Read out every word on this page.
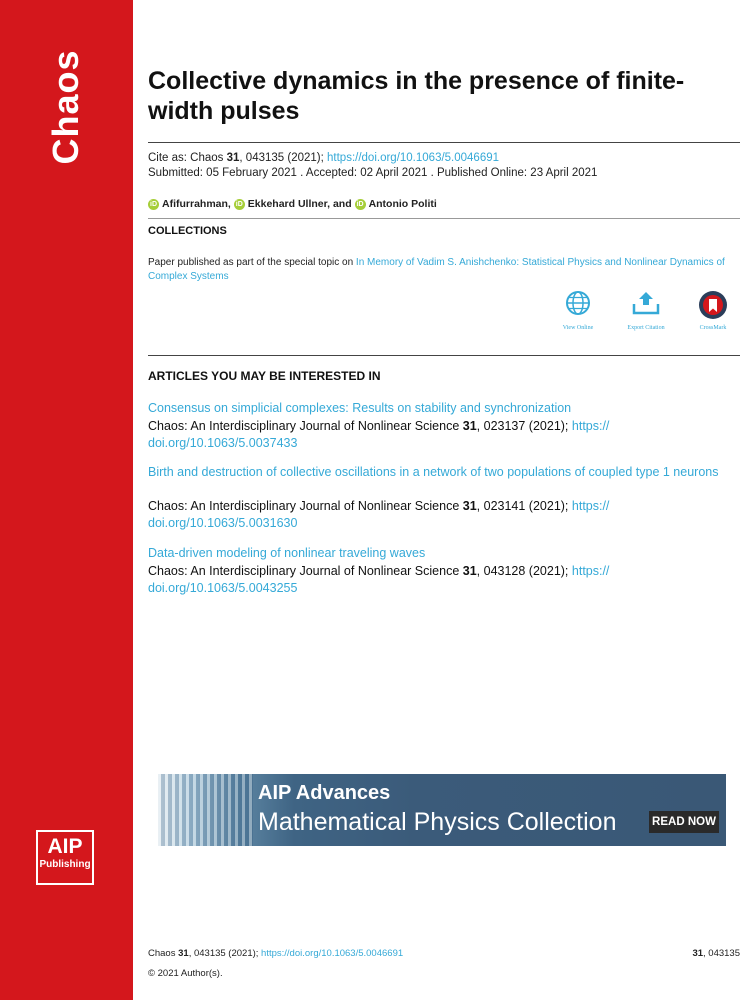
Chaos
AIP
Publishing
Collective dynamics in the presence of finite-width pulses
Cite as: Chaos 31, 043135 (2021); https://doi.org/10.1063/5.0046691
Submitted: 05 February 2021 . Accepted: 02 April 2021 . Published Online: 23 April 2021
iD Afifurrahman, iD Ekkehard Ullner, and iD Antonio Politi
COLLECTIONS
Paper published as part of the special topic on In Memory of Vadim S. Anishchenko: Statistical Physics and Nonlinear Dynamics of Complex Systems
View Online	Export Citation	CrossMark
ARTICLES YOU MAY BE INTERESTED IN
Consensus on simplicial complexes: Results on stability and synchronization
Chaos: An Interdisciplinary Journal of Nonlinear Science 31, 023137 (2021); https://
doi.org/10.1063/5.0037433
Birth and destruction of collective oscillations in a network of two populations of coupled type 1 neurons
Chaos: An Interdisciplinary Journal of Nonlinear Science 31, 023141 (2021); https://
doi.org/10.1063/5.0031630
Data-driven modeling of nonlinear traveling waves
Chaos: An Interdisciplinary Journal of Nonlinear Science 31, 043128 (2021); https://
doi.org/10.1063/5.0043255
AIP Advances
Mathematical Physics Collection	READ NOW
Chaos 31, 043135 (2021); https://doi.org/10.1063/5.0046691	31, 043135
© 2021 Author(s).
